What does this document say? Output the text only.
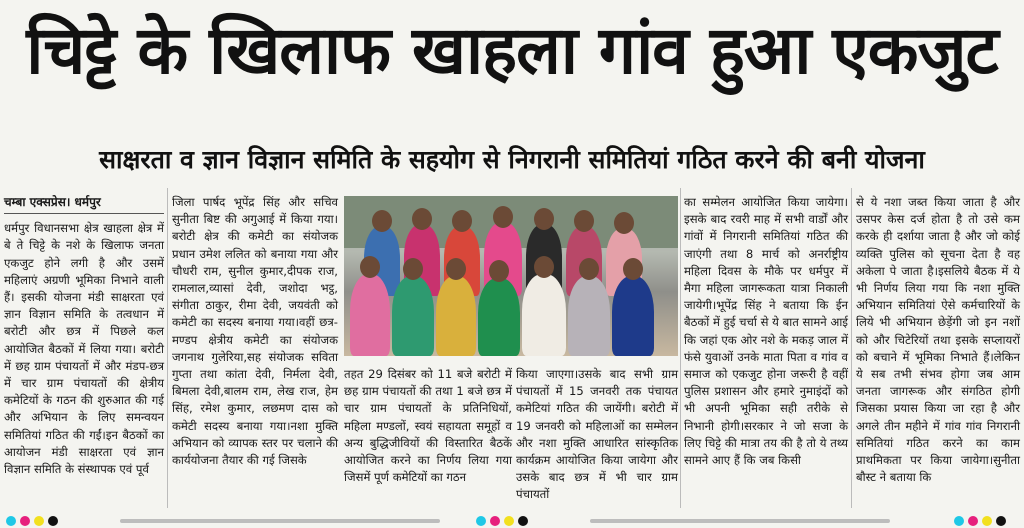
चिट्टे के खिलाफ खाहला गांव हुआ एकजुट
साक्षरता व ज्ञान विज्ञान समिति के सहयोग से निगरानी समितियां गठित करने की बनी योजना
चम्बा एक्सप्रेस। धर्मपुर

धर्मपुर विधानसभा क्षेत्र खाहला क्षेत्र में बे ते चिट्टे के नशे के खिलाफ जनता एकजुट होने लगी है और उसमें महिलाएं अग्रणी भूमिका निभाने वाली हैं। इसकी योजना मंडी साक्षरता एवं ज्ञान विज्ञान समिति के तत्वधान में बरोटी और छत्र में पिछले कल आयोजित बैठकों में लिया गया। बरोटी में छह ग्राम पंचायतों में और मंडप-छत्र में चार ग्राम पंचायतों की क्षेत्रीय कमेटियों के गठन की शुरुआत की गई और अभियान के लिए समन्वयन समितियां गठित की गईं।इन बैठकों का आयोजन मंडी साक्षरता एवं ज्ञान विज्ञान समिति के संस्थापक एवं पूर्व

जिला पार्षद भूपेंद्र सिंह और सचिव सुनीता बिष्ट की अगुआई में किया गया।बरोटी क्षेत्र की कमेटी का संयोजक प्रधान उमेश ललित को बनाया गया और चौधरी राम, सुनील कुमार,दीपक राज, रामलाल,व्यासां देवी, जशोदा भट्ठ, संगीता ठाकुर, रीमा देवी, जयवंती को कमेटी का सदस्य बनाया गया।वहीं छत्र-मण्डप क्षेत्रीय कमेटी का संयोजक जगनाथ गुलेरिया,सह संयोजक सविता गुप्ता तथा कांता देवी, निर्मला देवी, बिमला देवी,बालम राम, लेख राज, हेम सिंह, रमेश कुमार, लछमण दास को कमेटी सदस्य बनाया गया।नशा मुक्ति अभियान को व्यापक स्तर पर चलाने की कार्ययोजना तैयार की गई जिसके

तहत 29 दिसंबर को 11 बजे बरोटी में छह ग्राम पंचायतों की तथा 1 बजे छत्र में चार ग्राम पंचायतों के प्रतिनिधियों, महिला मण्डलों, स्वयं सहायता समूहों व अन्य बुद्धिजीवियों की विस्तारित बैठकें आयोजित करने का निर्णय लिया गया जिसमें पूर्ण कमेटियों का गठन

किया जाएगा।उसके बाद सभी ग्राम पंचायतों में 15 जनवरी तक पंचायत कमेटियां गठित की जायेंगी। बरोटी में 19 जनवरी को महिलाओं का सम्मेलन और नशा मुक्ति आधारित सांस्कृतिक कार्यक्रम आयोजित किया जायेगा और उसके बाद छत्र में भी चार ग्राम पंचायतों

का सम्मेलन आयोजित किया जायेगा।इसके बाद रवरी माह में सभी वार्डों और गांवों में निगरानी समितियां गठित की जाएंगी तथा 8 मार्च को अनर्राष्ट्रीय महिला दिवस के मौके पर धर्मपुर में मैगा महिला जागरूकता यात्रा निकाली जायेगी।भूपेंद्र सिंह ने बताया कि ईन बैठकों में हुई चर्चा से ये बात सामने आई कि जहां एक ओर नशे के मकड़ जाल में फंसे युवाओं उनके माता पिता व गांव व समाज को एकजुट होना जरूरी है वहीं पुलिस प्रशासन और हमारे नुमाइंदों को भी अपनी भूमिका सही तरीके से निभानी होगी।सरकार ने जो सजा के लिए चिट्टे की मात्रा तय की है तो ये तथ्य सामने आए हैं कि जब किसी

से ये नशा जब्त किया जाता है और उसपर केस दर्ज होता है तो उसे कम करके ही दर्शाया जाता है और जो कोई व्यक्ति पुलिस को सूचना देता है वह अकेला पे जाता है।इसलिये बैठक में ये भी निर्णय लिया गया कि नशा मुक्ति अभियान समितियां ऐसे कर्मचारियों के लिये भी अभियान छेड़ेंगी जो इन नशों को और चिटेरियों तथा इसके सप्लायरों को बचाने में भूमिका निभाते हैं।लेकिन ये सब तभी संभव होगा जब आम जनता जागरूक और संगठित होगी जिसका प्रयास किया जा रहा है और अगले तीन महीने में गांव गांव निगरानी समितियां गठित करने का काम प्राथमिकता पर किया जायेगा।सुनीता बौस्ट ने बताया कि
